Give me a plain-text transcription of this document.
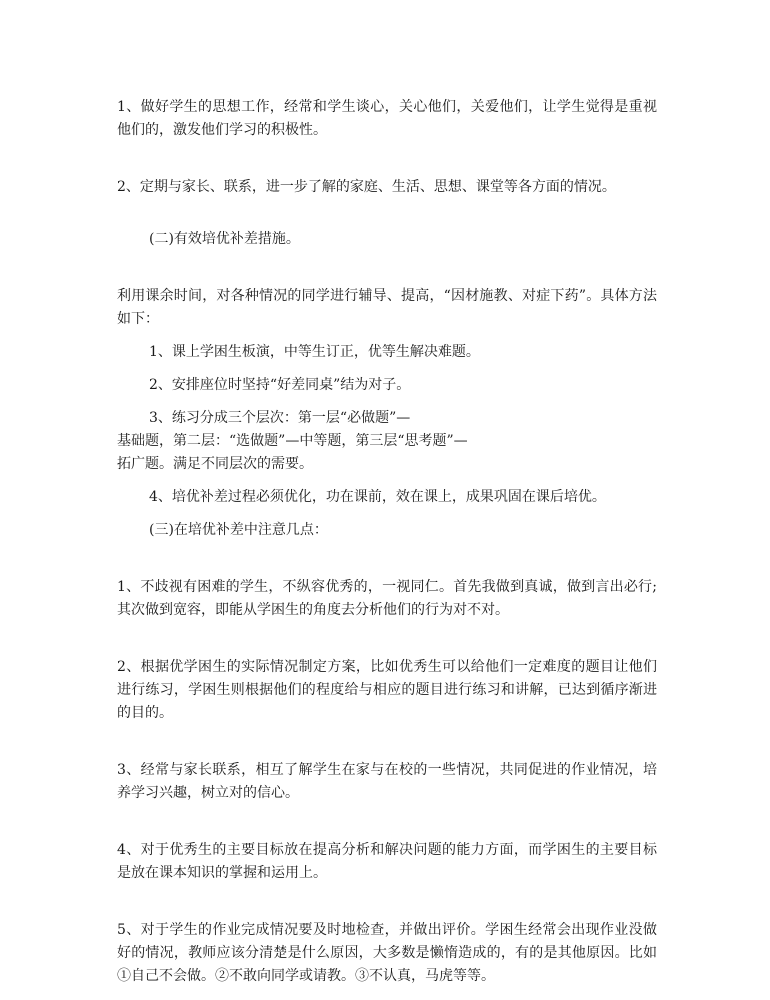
1、做好学生的思想工作，经常和学生谈心，关心他们，关爱他们，让学生觉得是重视他们的，激发他们学习的积极性。

2、定期与家长、联系，进一步了解的家庭、生活、思想、课堂等各方面的情况。

(二)有效培优补差措施。

利用课余时间，对各种情况的同学进行辅导、提高，“因材施教、对症下药”。具体方法如下：

1、课上学困生板演，中等生订正，优等生解决难题。

2、安排座位时坚持“好差同桌”结为对子。

3、练习分成三个层次：第一层“必做题”—
基础题，第二层：“选做题”—中等题，第三层“思考题”—
拓广题。满足不同层次的需要。

4、培优补差过程必须优化，功在课前，效在课上，成果巩固在课后培优。

(三)在培优补差中注意几点：

1、不歧视有困难的学生，不纵容优秀的，一视同仁。首先我做到真诚，做到言出必行;其次做到宽容，即能从学困生的角度去分析他们的行为对不对。

2、根据优学困生的实际情况制定方案，比如优秀生可以给他们一定难度的题目让他们进行练习，学困生则根据他们的程度给与相应的题目进行练习和讲解，已达到循序渐进的目的。

3、经常与家长联系，相互了解学生在家与在校的一些情况，共同促进的作业情况，培养学习兴趣，树立对的信心。

4、对于优秀生的主要目标放在提高分析和解决问题的能力方面，而学困生的主要目标是放在课本知识的掌握和运用上。

5、对于学生的作业完成情况要及时地检查，并做出评价。学困生经常会出现作业没做好的情况，教师应该分清楚是什么原因，大多数是懒惰造成的，有的是其他原因。比如①自己不会做。②不敢向同学或请教。③不认真，马虎等等。
